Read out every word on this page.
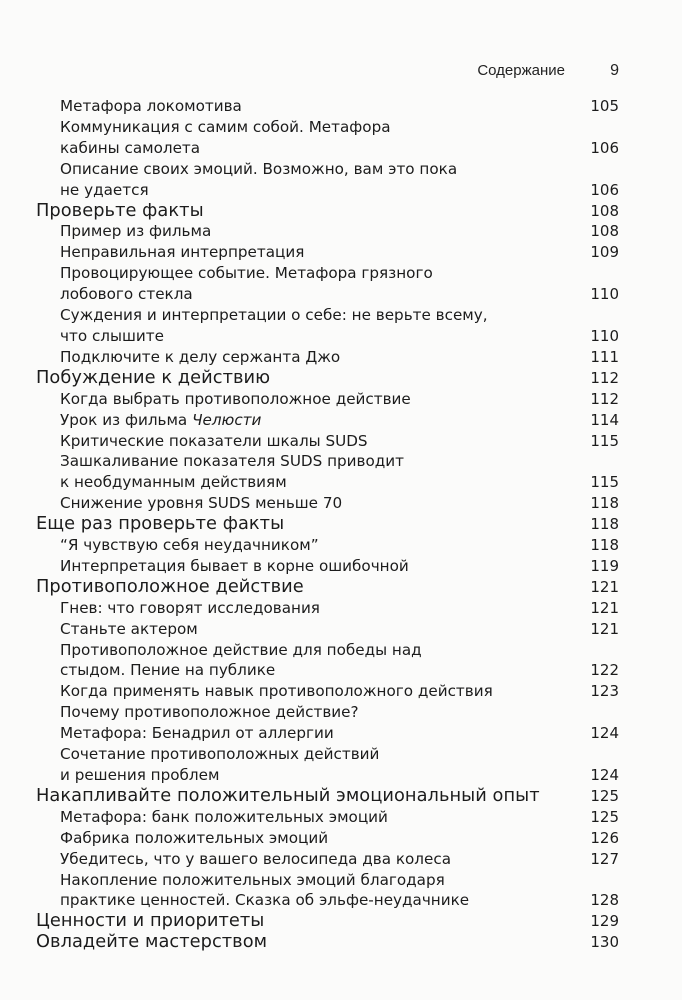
Содержание	9
Метафора локомотива	105
Коммуникация с самим собой. Метафора
кабины самолета	106
Описание своих эмоций. Возможно, вам это пока
не удается	106
Проверьте факты	108
Пример из фильма	108
Неправильная интерпретация	109
Провоцирующее событие. Метафора грязного
лобового стекла	110
Суждения и интерпретации о себе: не верьте всему,
что слышите	110
Подключите к делу сержанта Джо	111
Побуждение к действию	112
Когда выбрать противоположное действие	112
Урок из фильма Челюсти	114
Критические показатели шкалы SUDS	115
Зашкаливание показателя SUDS приводит
к необдуманным действиям	115
Снижение уровня SUDS меньше 70	118
Еще раз проверьте факты	118
“Я чувствую себя неудачником”	118
Интерпретация бывает в корне ошибочной	119
Противоположное действие	121
Гнев: что говорят исследования	121
Станьте актером	121
Противоположное действие для победы над
стыдом. Пение на публике	122
Когда применять навык противоположного действия	123
Почему противоположное действие?
Метафора: Бенадрил от аллергии	124
Сочетание противоположных действий
и решения проблем	124
Накапливайте положительный эмоциональный опыт	125
Метафора: банк положительных эмоций	125
Фабрика положительных эмоций	126
Убедитесь, что у вашего велосипеда два колеса	127
Накопление положительных эмоций благодаря
практике ценностей. Сказка об эльфе-неудачнике	128
Ценности и приоритеты	129
Овладейте мастерством	130
